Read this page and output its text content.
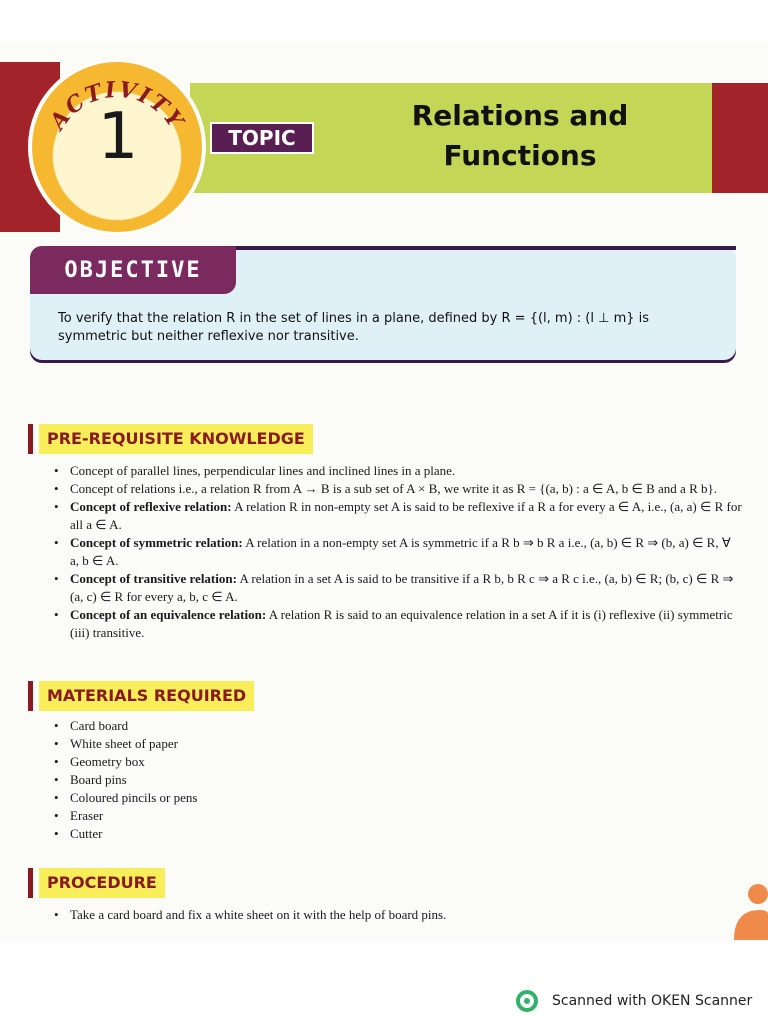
ACTIVITY
1	TOPIC
Relations and
Functions
OBJECTIVE
To verify that the relation R in the set of lines in a plane, defined by R = {(l, m) : (l ⊥ m} is
symmetric but neither reflexive nor transitive.
PRE-REQUISITE KNOWLEDGE
• Concept of parallel lines, perpendicular lines and inclined lines in a plane.
• Concept of relations i.e., a relation R from A → B is a sub set of A × B, we write it as R = {(a, b) : a ∈ A, b ∈ B and a R b}.
• Concept of reflexive relation: A relation R in non-empty set A is said to be reflexive if a R a for every a ∈ A, i.e., (a, a) ∈ R for all a ∈ A.
• Concept of symmetric relation: A relation in a non-empty set A is symmetric if a R b ⇒ b R a i.e., (a, b) ∈ R ⇒ (b, a) ∈ R, ∀ a, b ∈ A.
• Concept of transitive relation: A relation in a set A is said to be transitive if a R b, b R c ⇒ a R c i.e., (a, b) ∈ R; (b, c) ∈ R ⇒ (a, c) ∈ R for every a, b, c ∈ A.
• Concept of an equivalence relation: A relation R is said to an equivalence relation in a set A if it is (i) reflexive (ii) symmetric (iii) transitive.
MATERIALS REQUIRED
• Card board
• White sheet of paper
• Geometry box
• Board pins
• Coloured pincils or pens
• Eraser
• Cutter
PROCEDURE
• Take a card board and fix a white sheet on it with the help of board pins.
Scanned with OKEN Scanner
